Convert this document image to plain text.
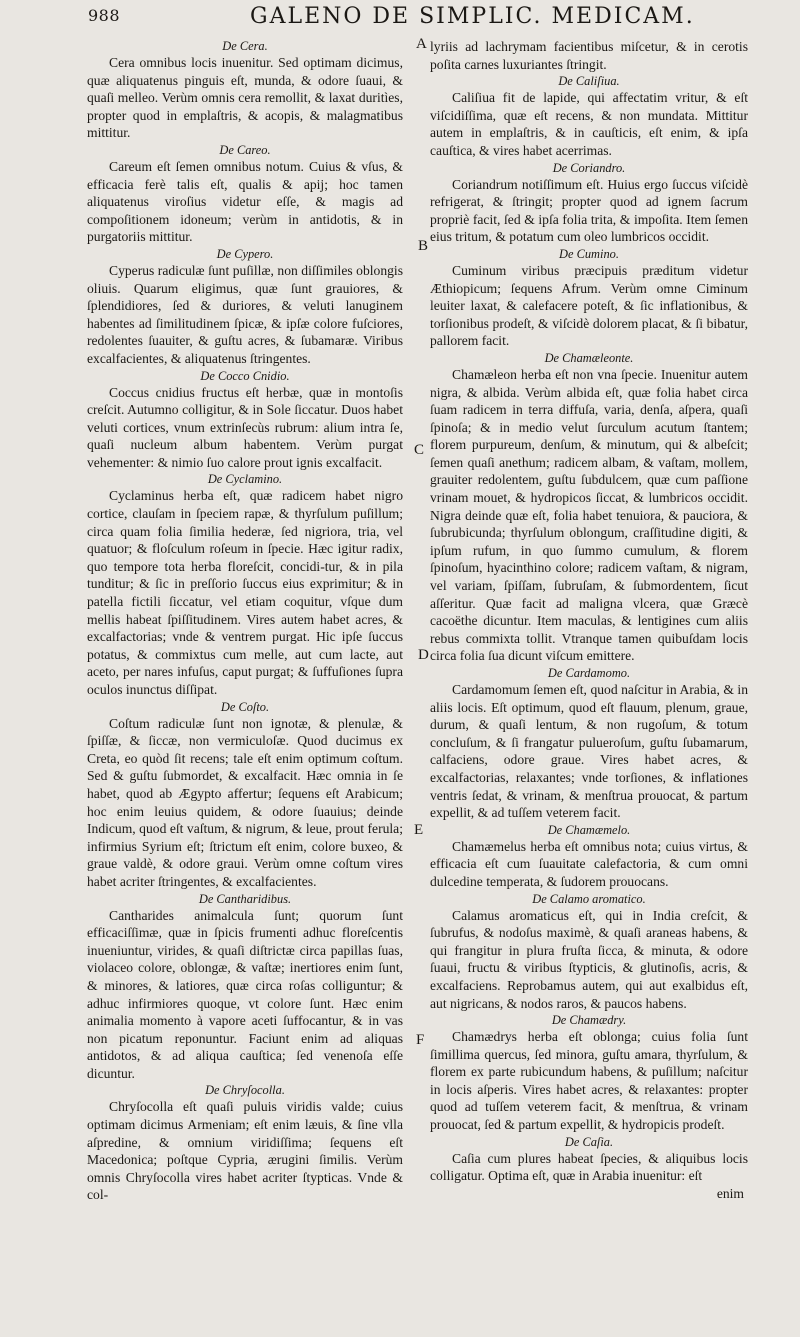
988	GALENO DE SIMPLIC. MEDICAM.
A
B
C
D
E
F
De Cera.

Cera omnibus locis inuenitur. Sed optimam dicimus, quæ aliquatenus pinguis eſt, munda, & odore ſuaui, & quaſi melleo. Verùm omnis cera remollit, & laxat duritìes, propter quod in emplaſtris, & acopis, & malagmatibus mittitur.

De Careo.

Careum eſt ſemen omnibus notum. Cuius & vſus, & efficacia ferè talis eſt, qualis & apij; hoc tamen aliquatenus viroſius videtur eſſe, & magis ad compoſitionem idoneum; verùm in antidotis, & in purgatoriis mittitur.

De Cypero.

Cyperus radiculæ ſunt puſillæ, non diſſimiles oblongis oliuis. Quarum eligimus, quæ ſunt grauiores, & ſplendidiores, ſed & duriores, & veluti lanuginem habentes ad ſimilitudinem ſpicæ, & ipſæ colore fuſciores, redolentes ſuauiter, & guſtu acres, & ſubamaræ. Viribus excalfacientes, & aliquatenus ſtringentes.

De Cocco Cnidio.

Coccus cnidius fructus eſt herbæ, quæ in montoſis creſcit. Autumno colligitur, & in Sole ſiccatur. Duos habet veluti cortices, vnum extrinſecùs rubrum: alium intra ſe, quaſi nucleum album habentem. Verùm purgat vehementer: & nimio ſuo calore prout ignis excalfacit.

De Cyclamino.

Cyclaminus herba eſt, quæ radicem habet nigro cortice, clauſam in ſpeciem rapæ, & thyrſulum puſillum; circa quam folia ſimilia hederæ, ſed nigriora, tria, vel quatuor; & floſculum roſeum in ſpecie. Hæc igitur radix, quo tempore tota herba floreſcit, concidi-tur, & in pila tunditur; & ſic in preſſorio ſuccus eius exprimitur; & in patella fictili ſiccatur, vel etiam coquitur, vſque dum mellis habeat ſpiſſitudinem. Vires autem habet acres, & excalfactorias; vnde & ventrem purgat. Hic ipſe ſuccus potatus, & commixtus cum melle, aut cum lacte, aut aceto, per nares infuſus, caput purgat; & ſuffuſiones ſupra oculos inunctus diſſipat.

De Coſto.

Coſtum radiculæ ſunt non ignotæ, & plenulæ, & ſpiſſæ, & ſiccæ, non vermiculoſæ. Quod ducimus ex Creta, eo quòd ſit recens; tale eſt enim optimum coſtum. Sed & guſtu ſubmordet, & excalfacit. Hæc omnia in ſe habet, quod ab Ægypto affertur; ſequens eſt Arabicum; hoc enim leuius quidem, & odore ſuauius; deinde Indicum, quod eſt vaſtum, & nigrum, & leue, prout ferula; infirmius Syrium eſt; ſtrictum eſt enim, colore buxeo, & graue valdè, & odore graui. Verùm omne coſtum vires habet acriter ſtringentes, & excalfacientes.

De Cantharidibus.

Cantharides animalcula ſunt; quorum ſunt efficaciſſimæ, quæ in ſpicis frumenti adhuc floreſcentis inueniuntur, virides, & quaſi diſtrictæ circa papillas ſuas, violaceo colore, oblongæ, & vaſtæ; inertiores enim ſunt, & minores, & latiores, quæ circa roſas colliguntur; & adhuc infirmiores quoque, vt colore ſunt. Hæc enim animalia momento à vapore aceti ſuffocantur, & in vas non picatum reponuntur. Faciunt enim ad aliquas antidotos, & ad aliqua cauſtica; ſed venenoſa eſſe dicuntur.

De Chryſocolla.

Chryſocolla eſt quaſi puluis viridis valde; cuius optimam dicimus Armeniam; eſt enim læuis, & ſine vlla aſpredine, & omnium viridiſſima; ſequens eſt Macedonica; poſtque Cypria, ærugini ſimilis. Verùm omnis Chryſocolla vires habet acriter ſtypticas. Vnde & col-

lyriis ad lachrymam facientibus miſcetur, & in cerotis poſita carnes luxuriantes ſtringit.

De Caliſiua.

Caliſiua fit de lapide, qui affectatim vritur, & eſt viſcidiſſima, quæ eſt recens, & non mundata. Mittitur autem in emplaſtris, & in cauſticis, eſt enim, & ipſa cauſtica, & vires habet acerrimas.

De Coriandro.

Coriandrum notiſſimum eſt. Huius ergo ſuccus viſcidè refrigerat, & ſtringit; propter quod ad ignem ſacrum propriè facit, ſed & ipſa folia trita, & impoſita. Item ſemen eius tritum, & potatum cum oleo lumbricos occidit.

De Cumino.

Cuminum viribus præcipuis præditum videtur Æthiopicum; ſequens Afrum. Verùm omne Ciminum leuiter laxat, & calefacere poteſt, & ſic inflationibus, & torſionibus prodeſt, & viſcidè dolorem placat, & ſi bibatur, pallorem facit.

De Chamæleonte.

Chamæleon herba eſt non vna ſpecie. Inuenitur autem nigra, & albida. Verùm albida eſt, quæ folia habet circa ſuam radicem in terra diffuſa, varia, denſa, aſpera, quaſi ſpinoſa; & in medio velut ſurculum acutum ſtantem; florem purpureum, denſum, & minutum, qui & albeſcit; ſemen quaſi anethum; radicem albam, & vaſtam, mollem, grauiter redolentem, guſtu ſubdulcem, quæ cum paſſione vrinam mouet, & hydropicos ſiccat, & lumbricos occidit. Nigra deinde quæ eſt, folia habet tenuiora, & pauciora, & ſubrubicunda; thyrſulum oblongum, craſſitudine digiti, & ipſum rufum, in quo ſummo cumulum, & florem ſpinoſum, hyacinthino colore; radicem vaſtam, & nigram, vel variam, ſpiſſam, ſubruſam, & ſubmordentem, ſicut aſſeritur. Quæ facit ad maligna vlcera, quæ Græcè cacoëthe dicuntur. Item maculas, & lentigines cum aliis rebus commixta tollit. Vtranque tamen quibuſdam locis circa folia ſua dicunt viſcum emittere.

De Cardamomo.

Cardamomum ſemen eſt, quod naſcitur in Arabia, & in aliis locis. Eſt optimum, quod eſt flauum, plenum, graue, durum, & quaſi lentum, & non rugoſum, & totum concluſum, & ſi frangatur pulueroſum, guſtu ſubamarum, calfaciens, odore graue. Vires habet acres, & excalfactorias, relaxantes; vnde torſiones, & inflationes ventris ſedat, & vrinam, & menſtrua prouocat, & partum expellit, & ad tuſſem veterem facit.

De Chamæmelo.

Chamæmelus herba eſt omnibus nota; cuius virtus, & efficacia eſt cum ſuauitate calefactoria, & cum omni dulcedine temperata, & ſudorem prouocans.

De Calamo aromatico.

Calamus aromaticus eſt, qui in India creſcit, & ſubrufus, & nodoſus maximè, & quaſi araneas habens, & qui frangitur in plura fruſta ſicca, & minuta, & odore ſuaui, fructu & viribus ſtypticis, & glutinoſis, acris, & excalfaciens. Reprobamus autem, qui aut exalbidus eſt, aut nigricans, & nodos raros, & paucos habens.

De Chamædry.

Chamædrys herba eſt oblonga; cuius folia ſunt ſimillima quercus, ſed minora, guſtu amara, thyrſulum, & florem ex parte rubicundum habens, & puſillum; naſcitur in locis aſperis. Vires habet acres, & relaxantes: propter quod ad tuſſem veterem facit, & menſtrua, & vrinam prouocat, ſed & partum expellit, & hydropicis prodeſt.

De Caſia.

Caſia cum plures habeat ſpecies, & aliquibus locis colligatur. Optima eſt, quæ in Arabia inuenitur: eſt

enim
